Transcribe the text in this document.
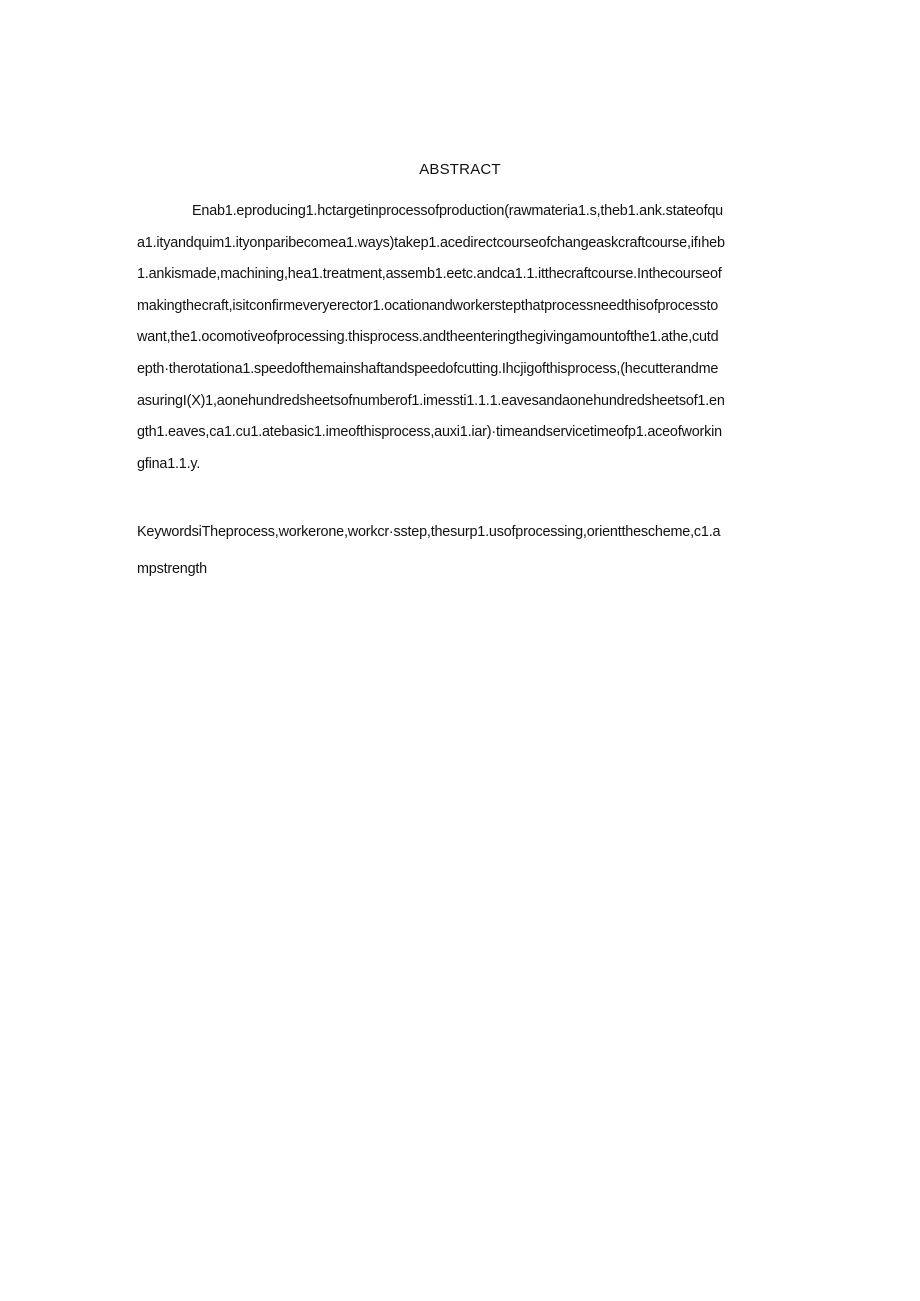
ABSTRACT
Enab1.eproducing1.hctargetinprocessofproduction(rawmateria1.s,theb1.ank.stateofqu
a1.ityandquim1.ityonparibecomea1.ways)takep1.acedirectcourseofchangeaskcraftcourse,ifıheb
1.ankismade,machining,hea1.treatment,assemb1.eetc.andca1.1.itthecraftcourse.Inthecourseof
makingthecraft,isitconfirmeveryerector1.ocationandworkerstepthatprocessneedthisofprocessto
want,the1.ocomotiveofprocessing.thisprocess.andtheenteringthegivingamountofthe1.athe,cutd
epth·therotationa1.speedofthemainshaftandspeedofcutting.Ihcjigofthisprocess,(hecutterandme
asuringI(X)1,aonehundredsheetsofnumberof1.imessti1.1.1.eavesandaonehundredsheetsof1.en
gth1.eaves,ca1.cu1.atebasic1.imeofthisprocess,auxi1.iar)·timeandservicetimeofp1.aceofworkin
gfina1.1.y.
KeywordsiTheprocess,workerone,workcr·sstep,thesurp1.usofprocessing,orientthescheme,c1.a
mpstrength
